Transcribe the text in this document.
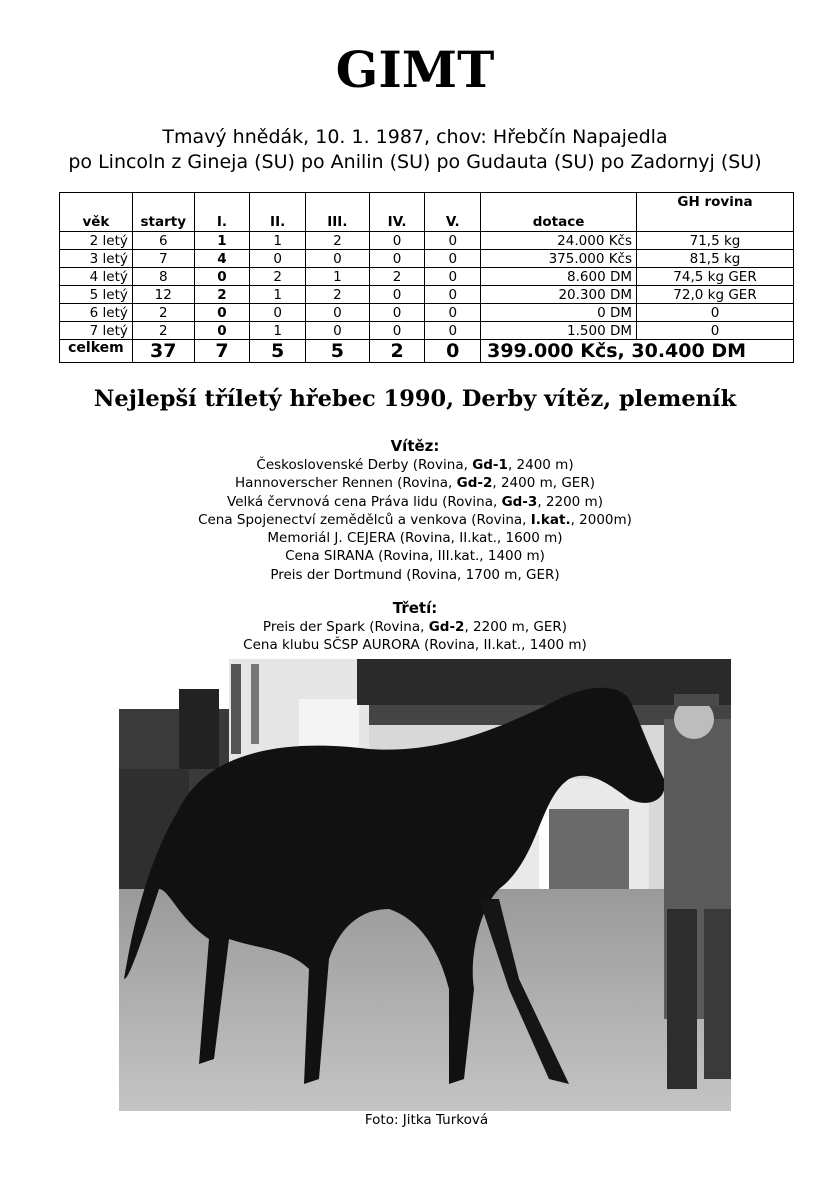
GIMT
Tmavý hnědák, 10. 1. 1987, chov: Hřebčín Napajedla
po Lincoln z Gineja (SU) po Anilin (SU) po Gudauta (SU) po Zadornyj (SU)
věk	starty	I.	II.	III.	IV.	V.	dotace	GH rovina
2 letý	6	1	1	2	0	0	24.000 Kčs	71,5 kg
3 letý	7	4	0	0	0	0	375.000 Kčs	81,5 kg
4 letý	8	0	2	1	2	0	8.600 DM	74,5 kg GER
5 letý	12	2	1	2	0	0	20.300 DM	72,0 kg GER
6 letý	2	0	0	0	0	0	0 DM	0
7 letý	2	0	1	0	0	0	1.500 DM	0
celkem	37	7	5	5	2	0	399.000 Kčs, 30.400 DM	
Nejlepší tříletý hřebec 1990, Derby vítěz, plemeník
Vítěz:
Československé Derby (Rovina, Gd-1, 2400 m)
Hannoverscher Rennen (Rovina, Gd-2, 2400 m, GER)
Velká červnová cena Práva lidu (Rovina, Gd-3, 2200 m)
Cena Spojenectví zemědělců a venkova (Rovina, I.kat., 2000m)
Memoriál J. CEJERA (Rovina, II.kat., 1600 m)
Cena SIRANA (Rovina, III.kat., 1400 m)
Preis der Dortmund (Rovina, 1700 m, GER)
Třetí:
Preis der Spark (Rovina, Gd-2, 2200 m, GER)
Cena klubu SČSP AURORA (Rovina, II.kat., 1400 m)
Foto: Jitka Turková
